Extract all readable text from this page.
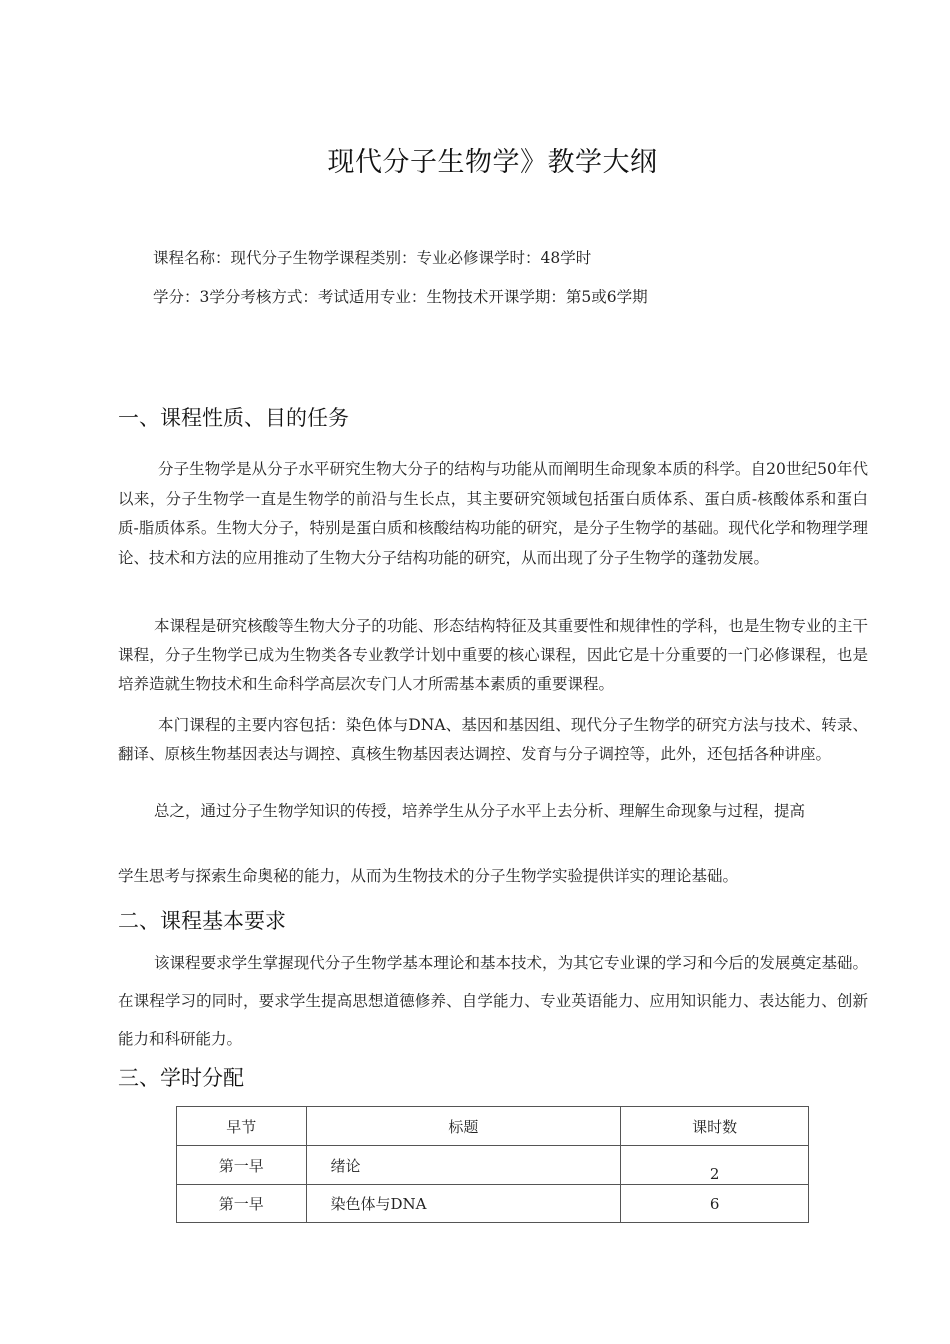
现代分子生物学》教学大纲
课程名称：现代分子生物学课程类别：专业必修课学时：48学时
学分：3学分考核方式：考试适用专业：生物技术开课学期：第5或6学期
一、课程性质、目的任务

分子生物学是从分子水平研究生物大分子的结构与功能从而阐明生命现象本质的科学。自20世纪50年代以来，分子生物学一直是生物学的前沿与生长点，其主要研究领域包括蛋白质体系、蛋白质-核酸体系和蛋白质-脂质体系。生物大分子，特别是蛋白质和核酸结构功能的研究，是分子生物学的基础。现代化学和物理学理论、技术和方法的应用推动了生物大分子结构功能的研究，从而出现了分子生物学的蓬勃发展。

本课程是研究核酸等生物大分子的功能、形态结构特征及其重要性和规律性的学科，也是生物专业的主干课程，分子生物学已成为生物类各专业教学计划中重要的核心课程，因此它是十分重要的一门必修课程，也是培养造就生物技术和生命科学高层次专门人才所需基本素质的重要课程。

本门课程的主要内容包括：染色体与DNA、基因和基因组、现代分子生物学的研究方法与技术、转录、翻译、原核生物基因表达与调控、真核生物基因表达调控、发育与分子调控等，此外，还包括各种讲座。

总之，通过分子生物学知识的传授，培养学生从分子水平上去分析、理解生命现象与过程，提高

学生思考与探索生命奥秘的能力，从而为生物技术的分子生物学实验提供详实的理论基础。

二、课程基本要求

该课程要求学生掌握现代分子生物学基本理论和基本技术，为其它专业课的学习和今后的发展奠定基础。在课程学习的同时，要求学生提高思想道德修养、自学能力、专业英语能力、应用知识能力、表达能力、创新能力和科研能力。

三、学时分配
早节	标题	课时数
第一早	绪论	2
第一早	染色体与DNA	6
